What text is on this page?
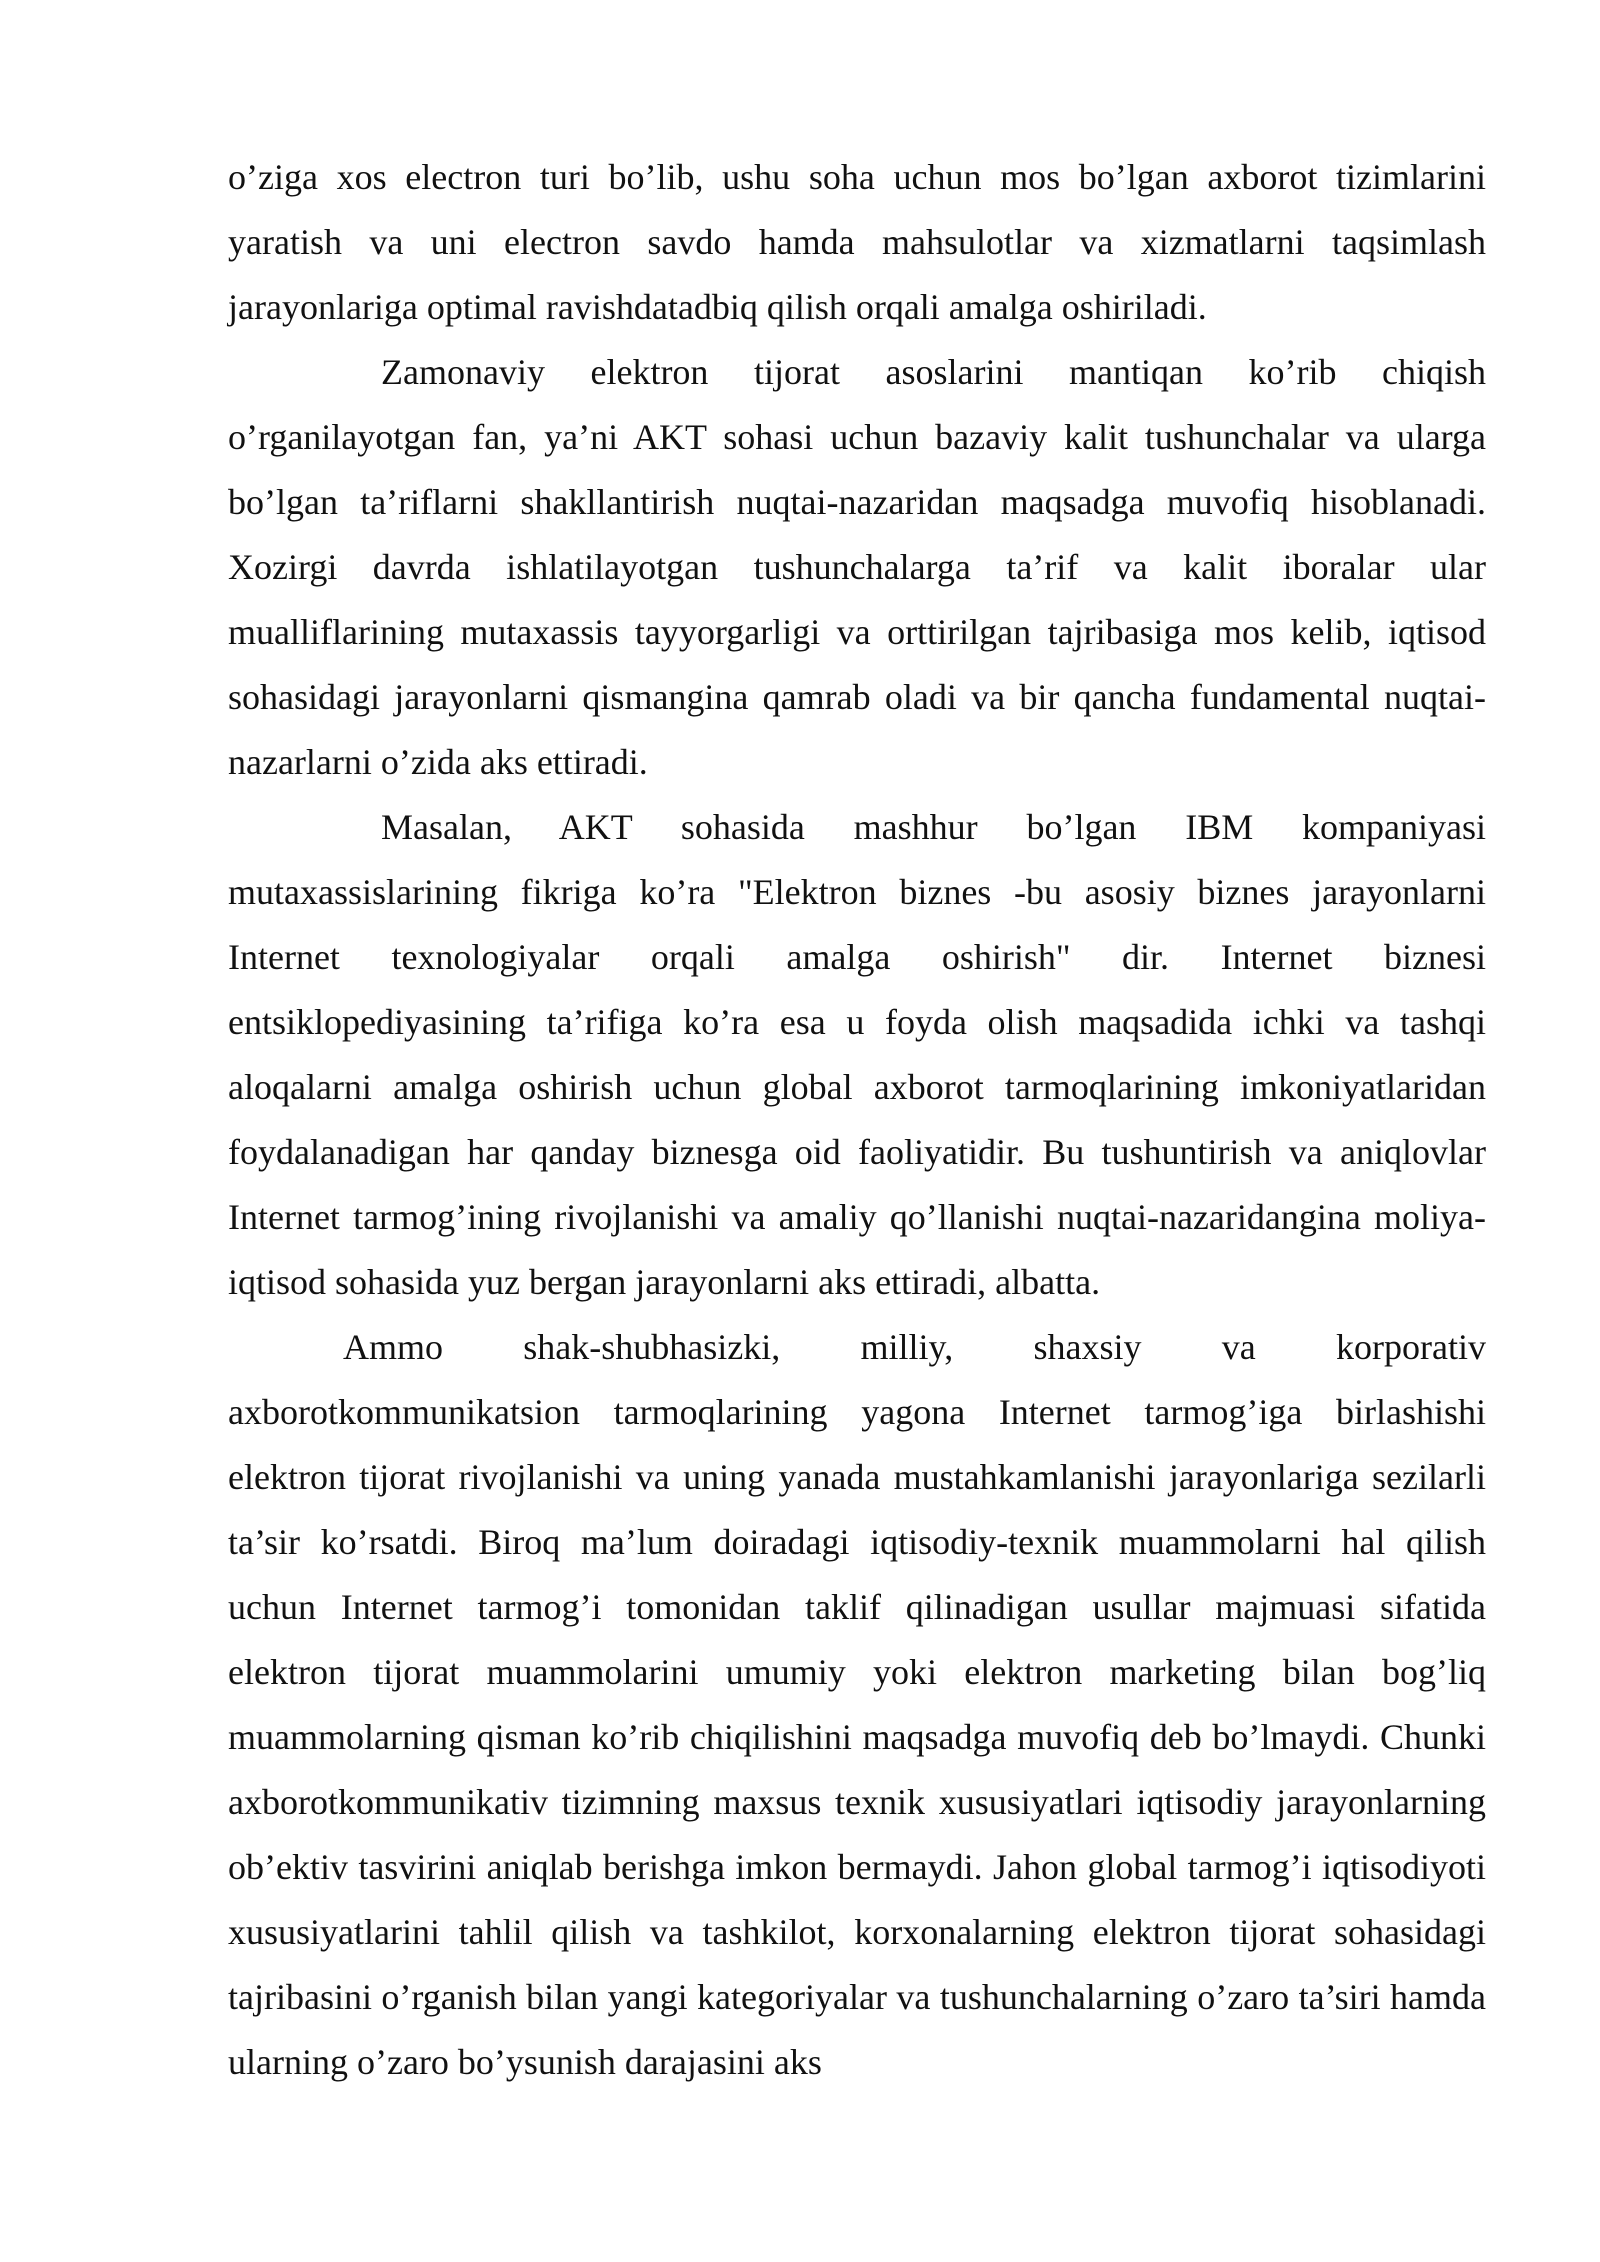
o’ziga xos electron turi bo’lib, ushu soha uchun mos bo’lgan axborot tizimlarini yaratish va uni electron savdo hamda mahsulotlar va xizmatlarni taqsimlash jarayonlariga optimal ravishdatadbiq qilish orqali amalga oshiriladi.

Zamonaviy elektron tijorat asoslarini mantiqan ko’rib chiqish o’rganilayotgan fan, ya’ni AKT sohasi uchun bazaviy kalit tushunchalar va ularga bo’lgan ta’riflarni shakllantirish nuqtai-nazaridan maqsadga muvofiq hisoblanadi. Xozirgi davrda ishlatilayotgan tushunchalarga ta’rif va kalit iboralar ular mualliflarining mutaxassis tayyorgarligi va orttirilgan tajribasiga mos kelib, iqtisod sohasidagi jarayonlarni qismangina qamrab oladi va bir qancha fundamental nuqtai-nazarlarni o’zida aks ettiradi.

Masalan, AKT sohasida mashhur bo’lgan IBM kompaniyasi mutaxassislarining fikriga ko’ra "Elektron biznes -bu asosiy biznes jarayonlarni Internet texnologiyalar orqali amalga oshirish" dir. Internet biznesi entsiklopediyasining ta’rifiga ko’ra esa u foyda olish maqsadida ichki va tashqi aloqalarni amalga oshirish uchun global axborot tarmoqlarining imkoniyatlaridan foydalanadigan har qanday biznesga oid faoliyatidir. Bu tushuntirish va aniqlovlar Internet tarmog’ining rivojlanishi va amaliy qo’llanishi nuqtai-nazaridangina moliya-iqtisod sohasida yuz bergan jarayonlarni aks ettiradi, albatta.

Ammo shak-shubhasizki, milliy, shaxsiy va korporativ axborotkommunikatsion tarmoqlarining yagona Internet tarmog’iga birlashishi elektron tijorat rivojlanishi va uning yanada mustahkamlanishi jarayonlariga sezilarli ta’sir ko’rsatdi. Biroq ma’lum doiradagi iqtisodiy-texnik muammolarni hal qilish uchun Internet tarmog’i tomonidan taklif qilinadigan usullar majmuasi sifatida elektron tijorat muammolarini umumiy yoki elektron marketing bilan bog’liq muammolarning qisman ko’rib chiqilishini maqsadga muvofiq deb bo’lmaydi. Chunki axborotkommunikativ tizimning maxsus texnik xususiyatlari iqtisodiy jarayonlarning ob’ektiv tasvirini aniqlab berishga imkon bermaydi. Jahon global tarmog’i iqtisodiyoti xususiyatlarini tahlil qilish va tashkilot, korxonalarning elektron tijorat sohasidagi tajribasini o’rganish bilan yangi kategoriyalar va tushunchalarning o’zaro ta’siri hamda ularning o’zaro bo’ysunish darajasini aks
